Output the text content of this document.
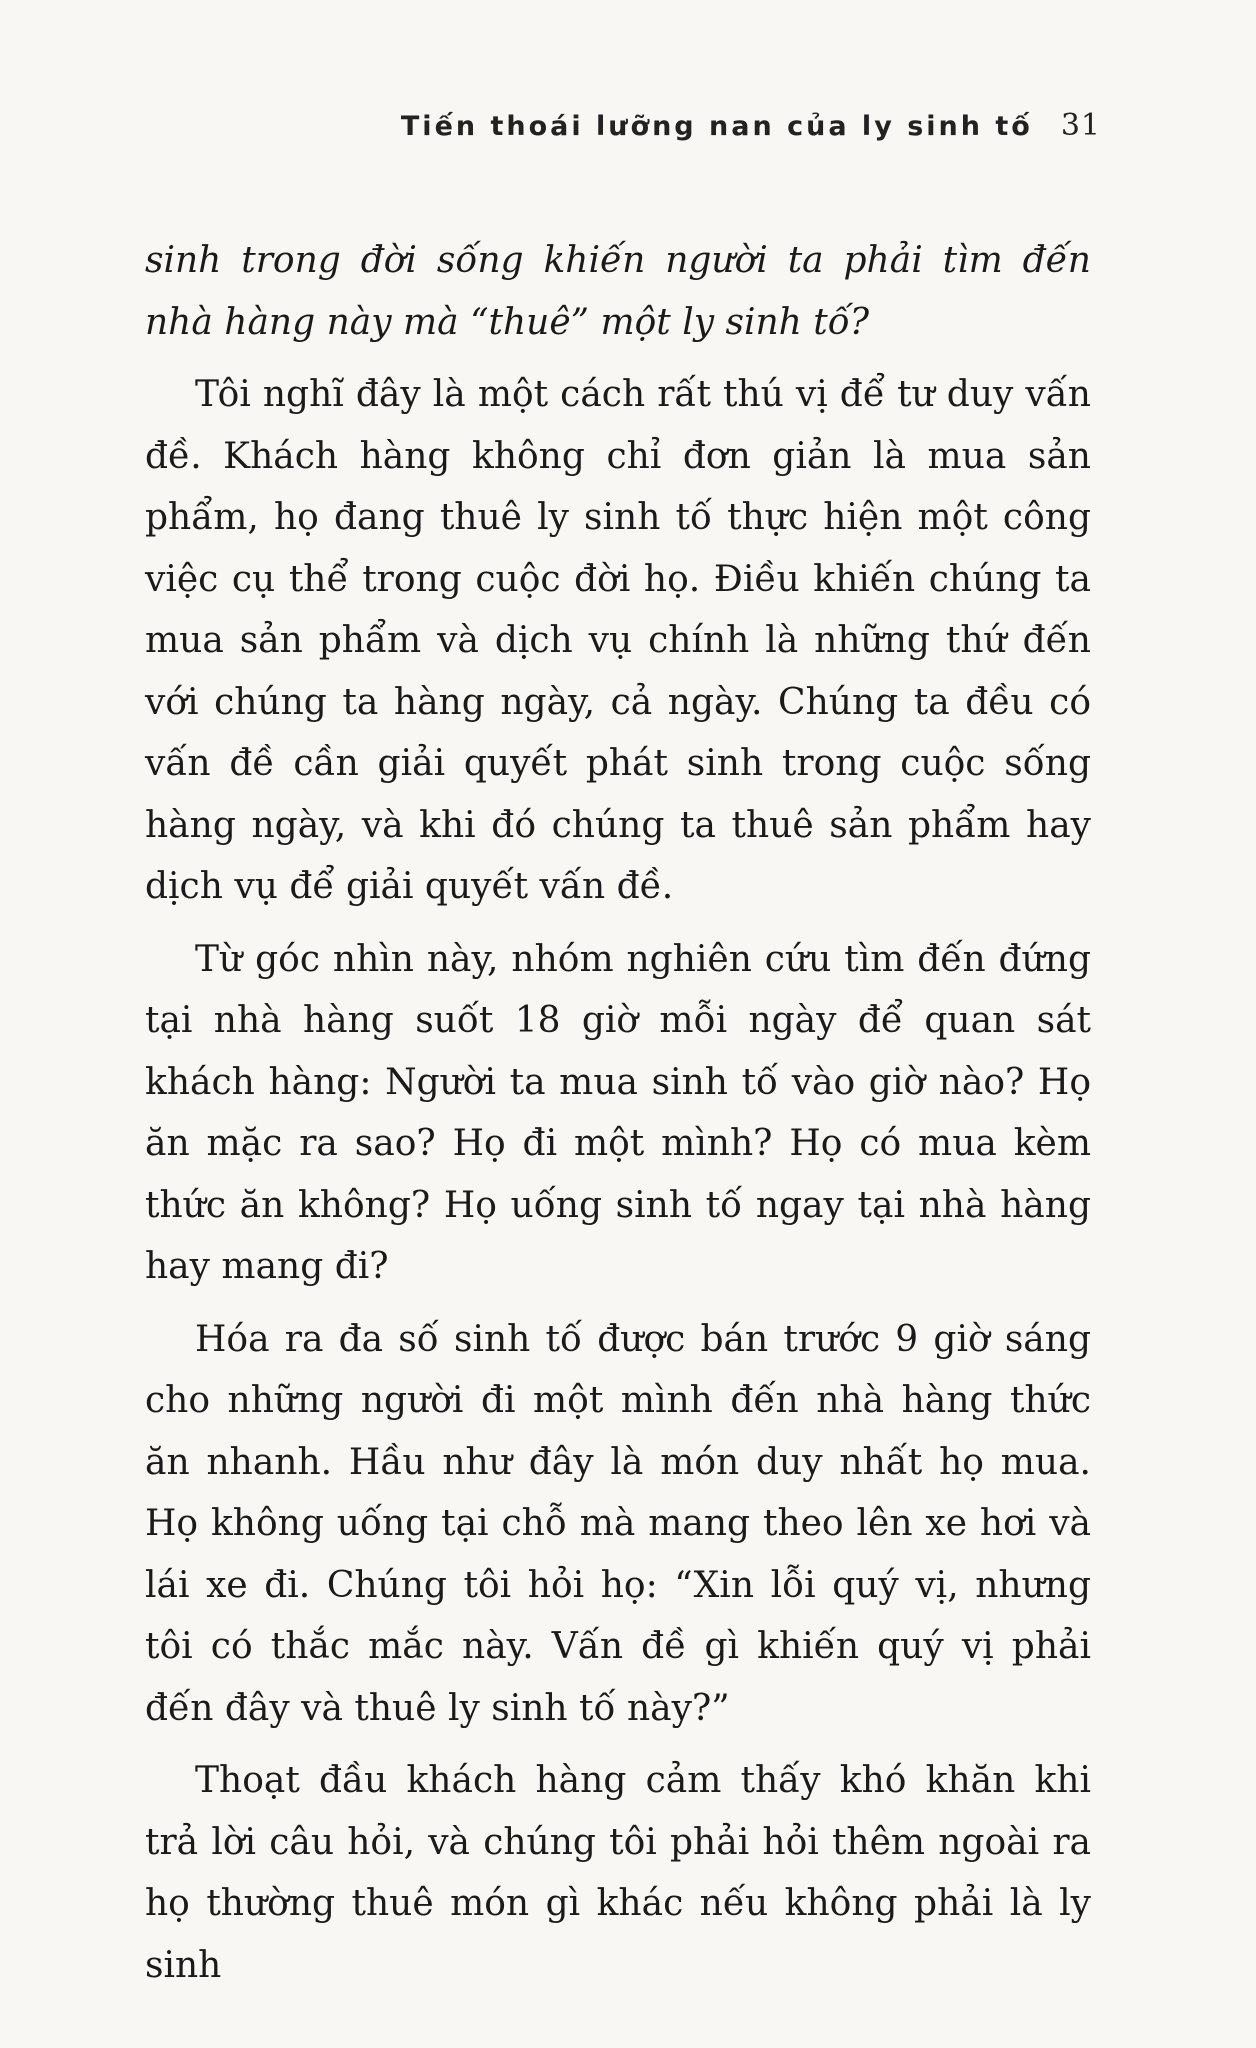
Tiến thoái lưỡng nan của ly sinh tố 31

sinh trong đời sống khiến người ta phải tìm đến nhà hàng này mà “thuê” một ly sinh tố?

Tôi nghĩ đây là một cách rất thú vị để tư duy vấn đề. Khách hàng không chỉ đơn giản là mua sản phẩm, họ đang thuê ly sinh tố thực hiện một công việc cụ thể trong cuộc đời họ. Điều khiến chúng ta mua sản phẩm và dịch vụ chính là những thứ đến với chúng ta hàng ngày, cả ngày. Chúng ta đều có vấn đề cần giải quyết phát sinh trong cuộc sống hàng ngày, và khi đó chúng ta thuê sản phẩm hay dịch vụ để giải quyết vấn đề.

Từ góc nhìn này, nhóm nghiên cứu tìm đến đứng tại nhà hàng suốt 18 giờ mỗi ngày để quan sát khách hàng: Người ta mua sinh tố vào giờ nào? Họ ăn mặc ra sao? Họ đi một mình? Họ có mua kèm thức ăn không? Họ uống sinh tố ngay tại nhà hàng hay mang đi?

Hóa ra đa số sinh tố được bán trước 9 giờ sáng cho những người đi một mình đến nhà hàng thức ăn nhanh. Hầu như đây là món duy nhất họ mua. Họ không uống tại chỗ mà mang theo lên xe hơi và lái xe đi. Chúng tôi hỏi họ: “Xin lỗi quý vị, nhưng tôi có thắc mắc này. Vấn đề gì khiến quý vị phải đến đây và thuê ly sinh tố này?”

Thoạt đầu khách hàng cảm thấy khó khăn khi trả lời câu hỏi, và chúng tôi phải hỏi thêm ngoài ra họ thường thuê món gì khác nếu không phải là ly sinh
